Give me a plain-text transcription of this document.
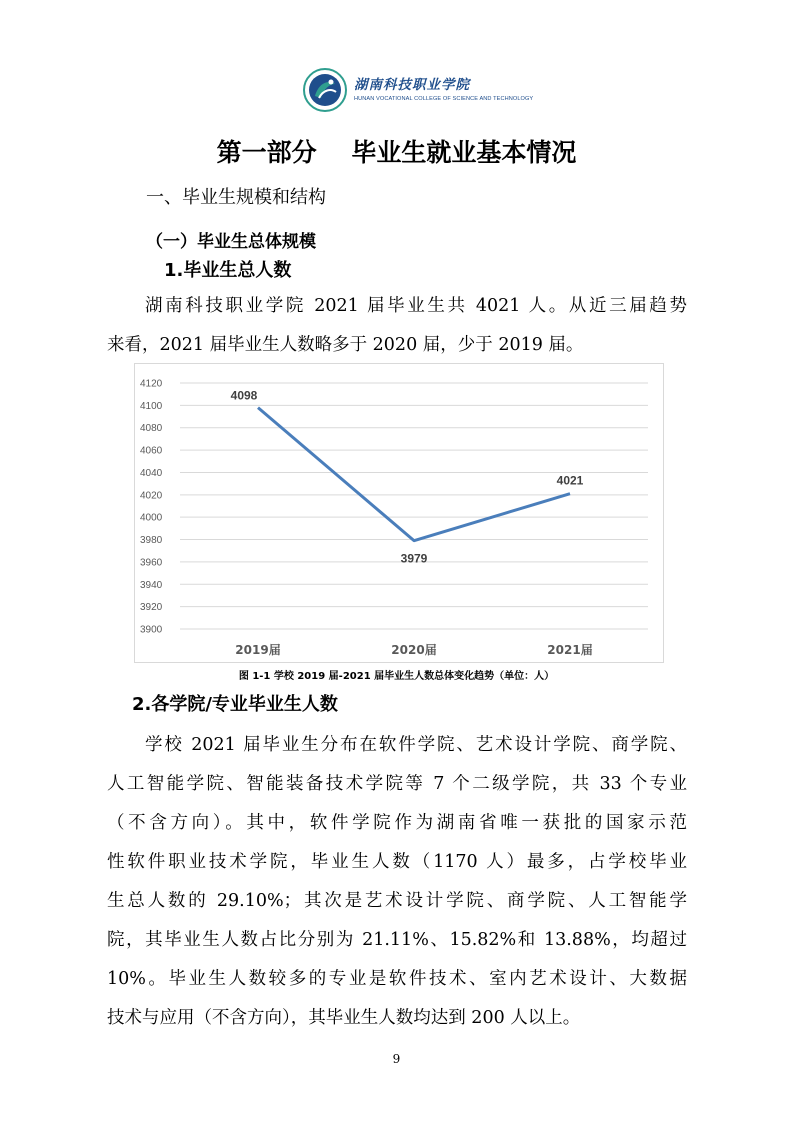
湖南科技职业学院
HUNAN VOCATIONAL COLLEGE OF SCIENCE AND TECHNOLOGY
第一部分    毕业生就业基本情况
一、毕业生规模和结构
（一）毕业生总体规模
1.毕业生总人数
湖南科技职业学院 2021 届毕业生共 4021 人。从近三届趋势
来看，2021 届毕业生人数略多于 2020 届，少于 2019 届。
3900
3920
3940
3960
3980
4000
4020
4040
4060
4080
4100
4120
4098
3979
4021
2019届	2020届	2021届
图 1-1 学校 2019 届-2021 届毕业生人数总体变化趋势（单位：人）
2.各学院/专业毕业生人数
学校 2021 届毕业生分布在软件学院、艺术设计学院、商学院、
人工智能学院、智能装备技术学院等 7 个二级学院，共 33 个专业
（不含方向）。其中，软件学院作为湖南省唯一获批的国家示范
性软件职业技术学院，毕业生人数（1170 人）最多，占学校毕业
生总人数的 29.10%；其次是艺术设计学院、商学院、人工智能学
院，其毕业生人数占比分别为 21.11%、15.82%和 13.88%，均超过
10%。毕业生人数较多的专业是软件技术、室内艺术设计、大数据
技术与应用（不含方向），其毕业生人数均达到 200 人以上。
9
